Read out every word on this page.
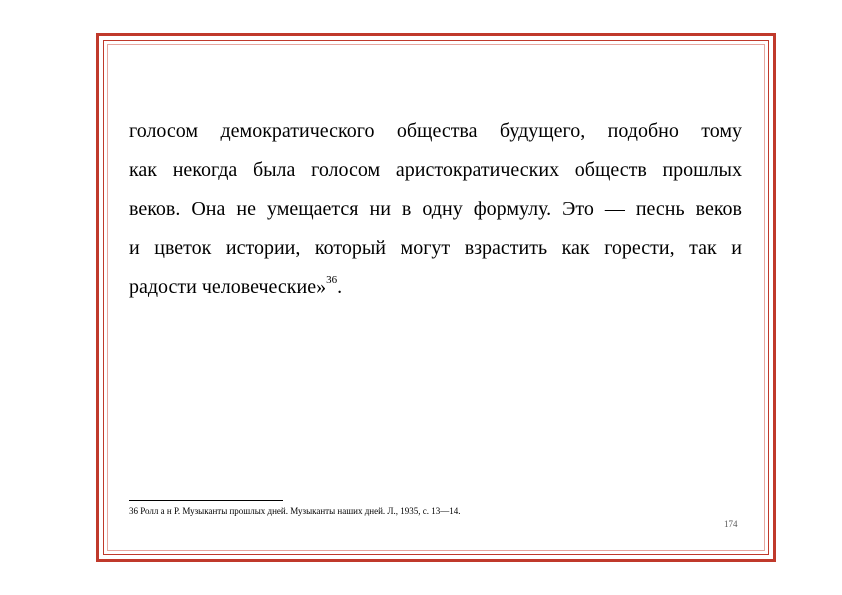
голосом демократического общества будущего, подобно тому
как некогда была голосом аристократических обществ прошлых
веков. Она не умещается ни в одну формулу. Это — песнь веков
и цветок истории, который могут взрастить как горести, так и
радости человеческие»$^{36}$.
36 Ролл а н Р. Музыканты прошлых дней. Музыканты наших дней. Л., 1935, с. 13—14.
174
